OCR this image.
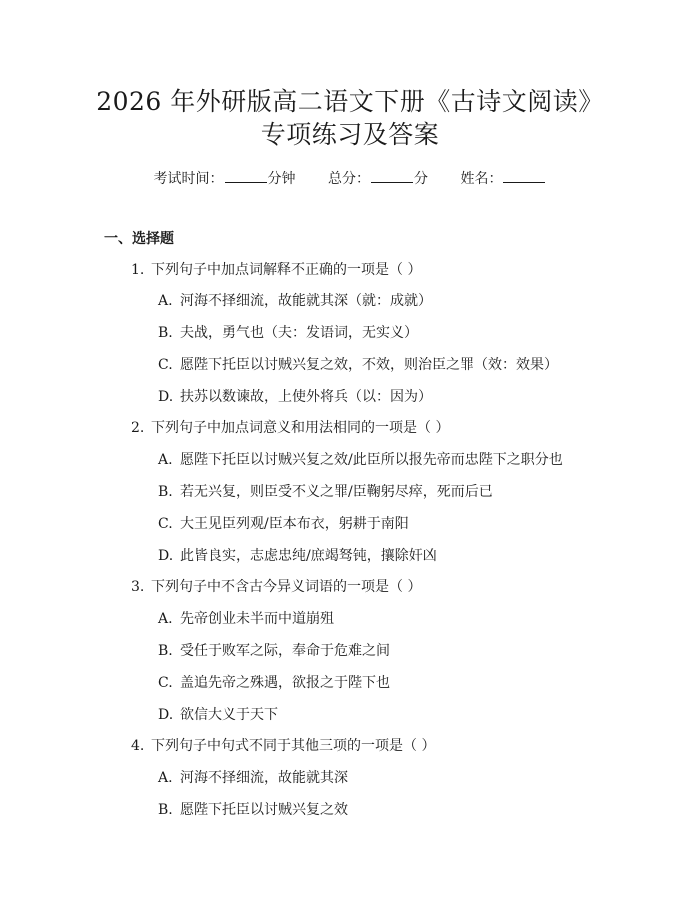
2026 年外研版高二语文下册《古诗文阅读》
专项练习及答案
考试时间：	分钟 总分：	分 姓名：
一、选择题
1. 下列句子中加点词解释不正确的一项是（ ）
A. 河海不择细流，故能就其深（就：成就）
B. 夫战，勇气也（夫：发语词，无实义）
C. 愿陛下托臣以讨贼兴复之效，不效，则治臣之罪（效：效果）
D. 扶苏以数谏故，上使外将兵（以：因为）
2. 下列句子中加点词意义和用法相同的一项是（ ）
A. 愿陛下托臣以讨贼兴复之效/此臣所以报先帝而忠陛下之职分也
B. 若无兴复，则臣受不义之罪/臣鞠躬尽瘁，死而后已
C. 大王见臣列观/臣本布衣，躬耕于南阳
D. 此皆良实，志虑忠纯/庶竭驽钝，攘除奸凶
3. 下列句子中不含古今异义词语的一项是（ ）
A. 先帝创业未半而中道崩殂
B. 受任于败军之际，奉命于危难之间
C. 盖追先帝之殊遇，欲报之于陛下也
D. 欲信大义于天下
4. 下列句子中句式不同于其他三项的一项是（ ）
A. 河海不择细流，故能就其深
B. 愿陛下托臣以讨贼兴复之效
